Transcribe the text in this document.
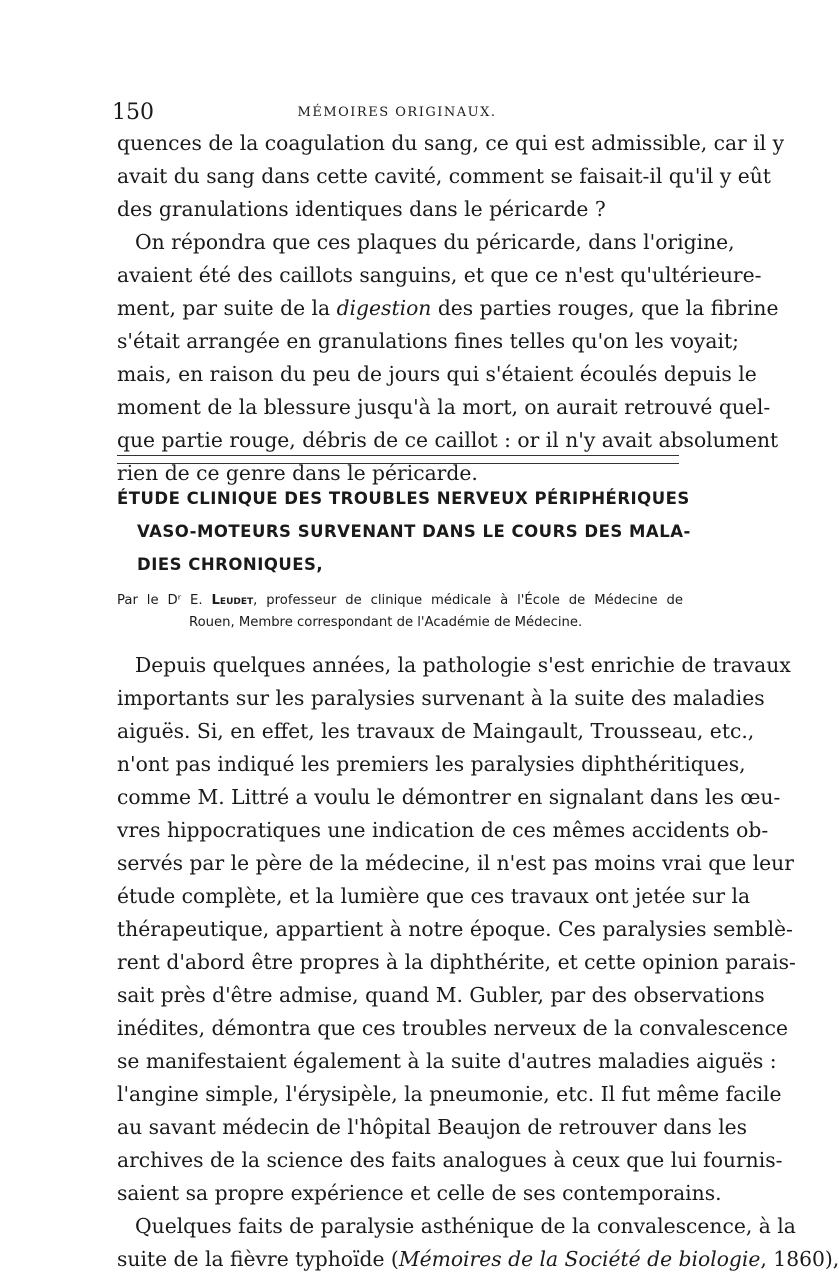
150	MÉMOIRES ORIGINAUX.
quences de la coagulation du sang, ce qui est admissible, car il y
avait du sang dans cette cavité, comment se faisait-il qu'il y eût
des granulations identiques dans le péricarde ?
On répondra que ces plaques du péricarde, dans l'origine,
avaient été des caillots sanguins, et que ce n'est qu'ultérieure-
ment, par suite de la digestion des parties rouges, que la fibrine
s'était arrangée en granulations fines telles qu'on les voyait;
mais, en raison du peu de jours qui s'étaient écoulés depuis le
moment de la blessure jusqu'à la mort, on aurait retrouvé quel-
que partie rouge, débris de ce caillot : or il n'y avait absolument
rien de ce genre dans le péricarde.
ÉTUDE CLINIQUE DES TROUBLES NERVEUX PÉRIPHÉRIQUES
VASO-MOTEURS SURVENANT DANS LE COURS DES MALA-
DIES CHRONIQUES,
Par le Dʳ E. Leudet, professeur de clinique médicale à l'École de Médecine de
Rouen, Membre correspondant de l'Académie de Médecine.
Depuis quelques années, la pathologie s'est enrichie de travaux
importants sur les paralysies survenant à la suite des maladies
aiguës. Si, en effet, les travaux de Maingault, Trousseau, etc.,
n'ont pas indiqué les premiers les paralysies diphthéritiques,
comme M. Littré a voulu le démontrer en signalant dans les œu-
vres hippocratiques une indication de ces mêmes accidents ob-
servés par le père de la médecine, il n'est pas moins vrai que leur
étude complète, et la lumière que ces travaux ont jetée sur la
thérapeutique, appartient à notre époque. Ces paralysies semblè-
rent d'abord être propres à la diphthérite, et cette opinion parais-
sait près d'être admise, quand M. Gubler, par des observations
inédites, démontra que ces troubles nerveux de la convalescence
se manifestaient également à la suite d'autres maladies aiguës :
l'angine simple, l'érysipèle, la pneumonie, etc. Il fut même facile
au savant médecin de l'hôpital Beaujon de retrouver dans les
archives de la science des faits analogues à ceux que lui fournis-
saient sa propre expérience et celle de ses contemporains.
Quelques faits de paralysie asthénique de la convalescence, à la
suite de la fièvre typhoïde (Mémoires de la Société de biologie, 1860),
